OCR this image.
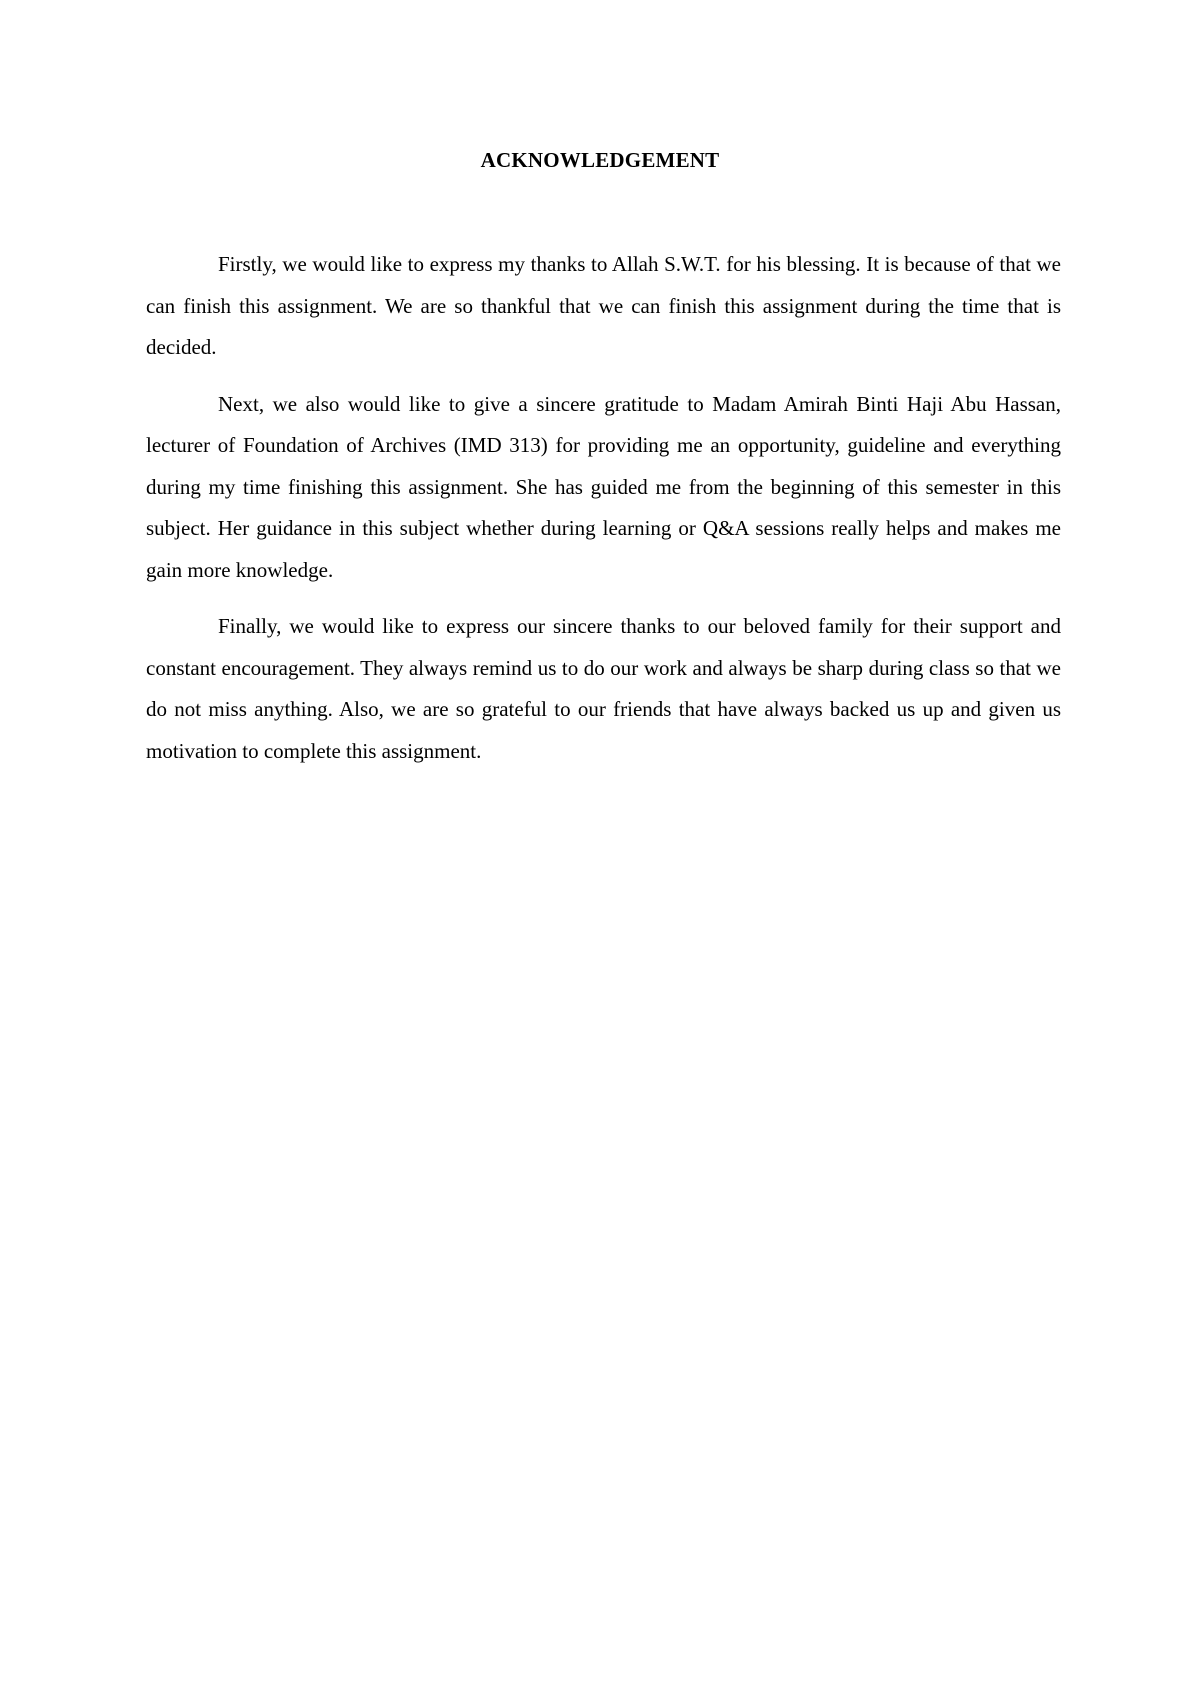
ACKNOWLEDGEMENT

Firstly, we would like to express my thanks to Allah S.W.T. for his blessing. It is because of that we can finish this assignment. We are so thankful that we can finish this assignment during the time that is decided.

Next, we also would like to give a sincere gratitude to Madam Amirah Binti Haji Abu Hassan, lecturer of Foundation of Archives (IMD 313) for providing me an opportunity, guideline and everything during my time finishing this assignment. She has guided me from the beginning of this semester in this subject. Her guidance in this subject whether during learning or Q&A sessions really helps and makes me gain more knowledge.

Finally, we would like to express our sincere thanks to our beloved family for their support and constant encouragement. They always remind us to do our work and always be sharp during class so that we do not miss anything. Also, we are so grateful to our friends that have always backed us up and given us motivation to complete this assignment.
